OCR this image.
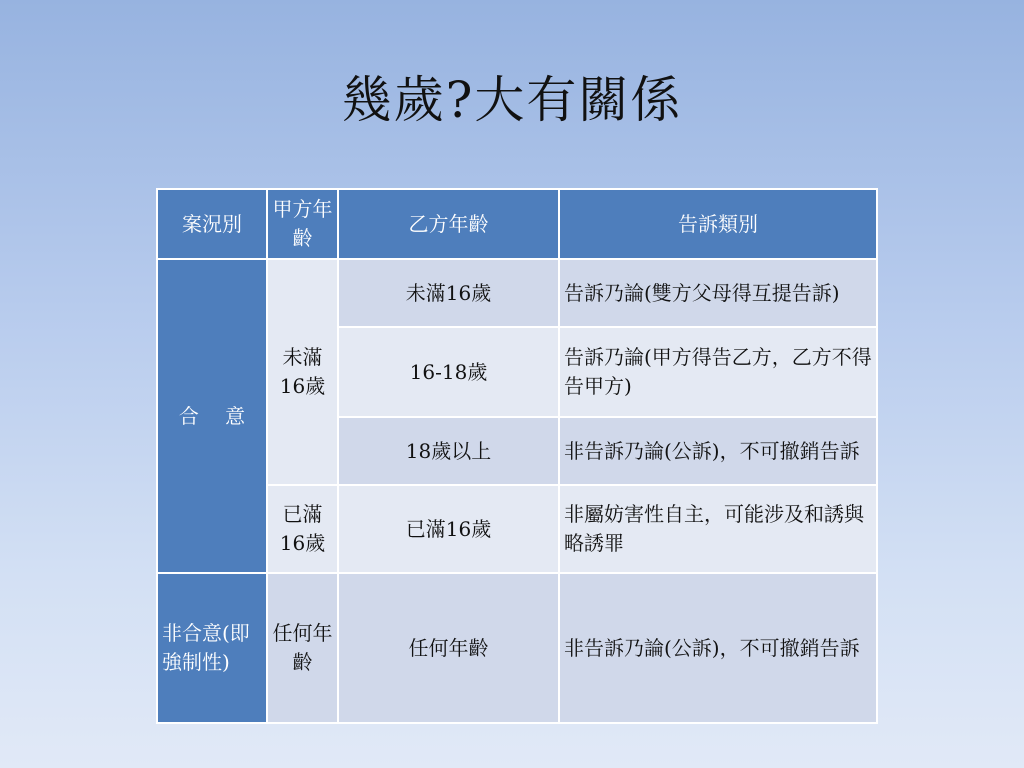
幾歲?大有關係
案況別	甲方年齡	乙方年齡	告訴類別
合　 意	未滿16歲	未滿16歲	告訴乃論(雙方父母得互提告訴)
		16-18歲	告訴乃論(甲方得告乙方，乙方不得告甲方)
		18歲以上	非告訴乃論(公訴)，不可撤銷告訴
	已滿16歲	已滿16歲	非屬妨害性自主，可能涉及和誘與略誘罪
非合意(即強制性)	任何年齡	任何年齡	非告訴乃論(公訴)，不可撤銷告訴
